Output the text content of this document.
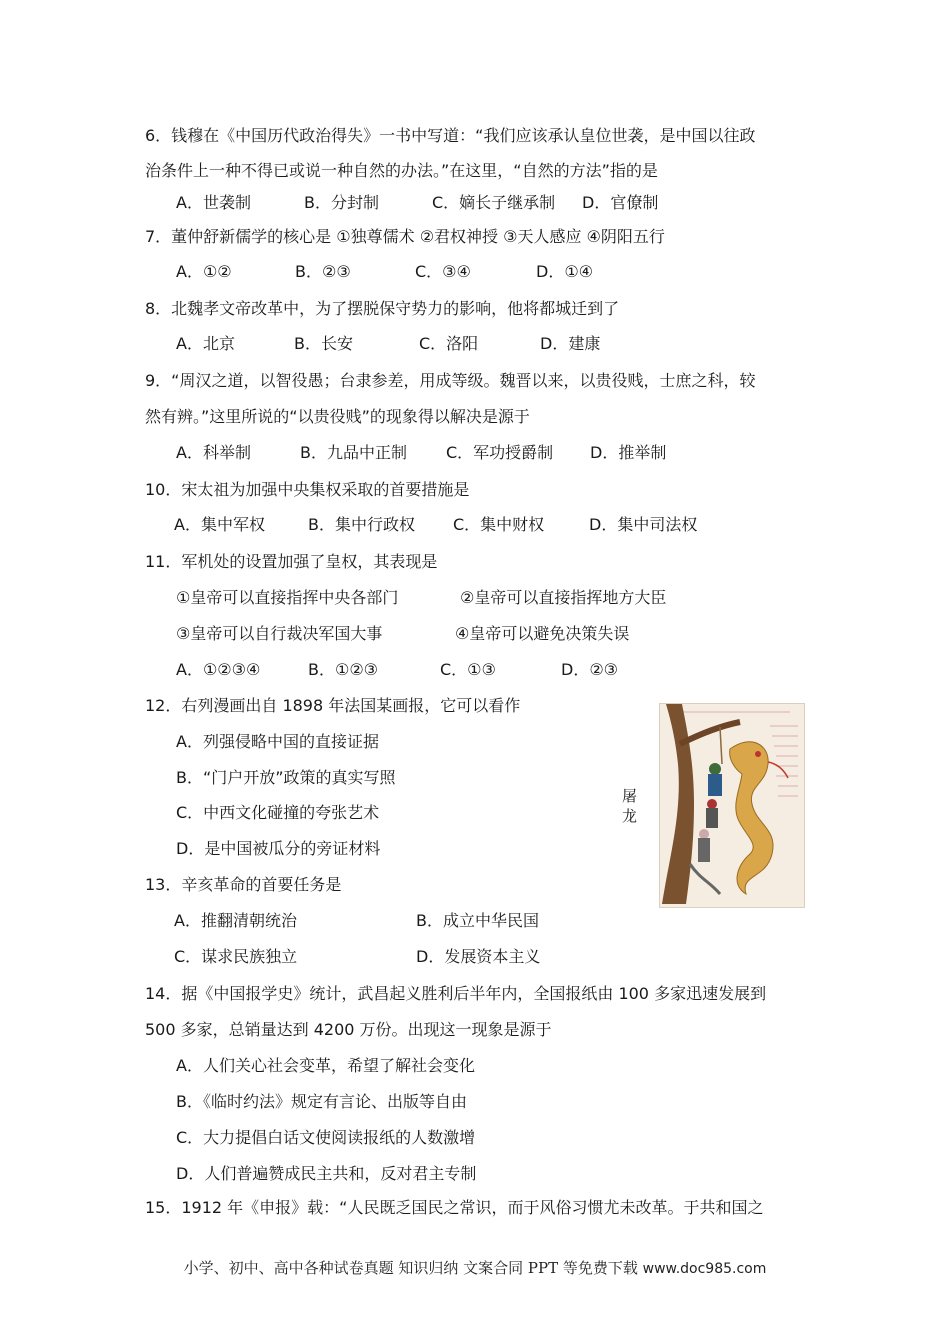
6．钱穆在《中国历代政治得失》一书中写道：“我们应该承认皇位世袭，是中国以往政
治条件上一种不得已或说一种自然的办法。”在这里，“自然的方法”指的是
A．世袭制	B．分封制	C．嫡长子继承制 D．官僚制
7．董仲舒新儒学的核心是 ①独尊儒术 ②君权神授 ③天人感应 ④阴阳五行
A．①②	B．②③	C．③④	D．①④
8．北魏孝文帝改革中，为了摆脱保守势力的影响，他将都城迁到了
A．北京	B．长安	C．洛阳	D．建康
9．“周汉之道，以智役愚；台隶参差，用成等级。魏晋以来，以贵役贱，士庶之科，较
然有辨。”这里所说的“以贵役贱”的现象得以解决是源于
A．科举制	B．九品中正制 C．军功授爵制 D．推举制
10．宋太祖为加强中央集权采取的首要措施是
A．集中军权	B．集中行政权 C．集中财权	D．集中司法权
11．军机处的设置加强了皇权，其表现是
①皇帝可以直接指挥中央各部门	②皇帝可以直接指挥地方大臣
③皇帝可以自行裁决军国大事	④皇帝可以避免决策失误
A．①②③④	B．①②③	C．①③	D．②③
12．右列漫画出自 1898 年法国某画报，它可以看作
A．列强侵略中国的直接证据
B．“门户开放”政策的真实写照
C．中西文化碰撞的夸张艺术
D．是中国被瓜分的旁证材料
屠龙
13．辛亥革命的首要任务是
A．推翻清朝统治	B．成立中华民国
C．谋求民族独立	D．发展资本主义
14．据《中国报学史》统计，武昌起义胜利后半年内，全国报纸由 100 多家迅速发展到
500 多家，总销量达到 4200 万份。出现这一现象是源于
A．人们关心社会变革，希望了解社会变化
B．《临时约法》规定有言论、出版等自由
C．大力提倡白话文使阅读报纸的人数激增
D．人们普遍赞成民主共和，反对君主专制
15．1912 年《申报》载：“人民既乏国民之常识，而于风俗习惯尤未改革。于共和国之
小学、初中、高中各种试卷真题 知识归纳 文案合同 PPT 等免费下载 www.doc985.com
